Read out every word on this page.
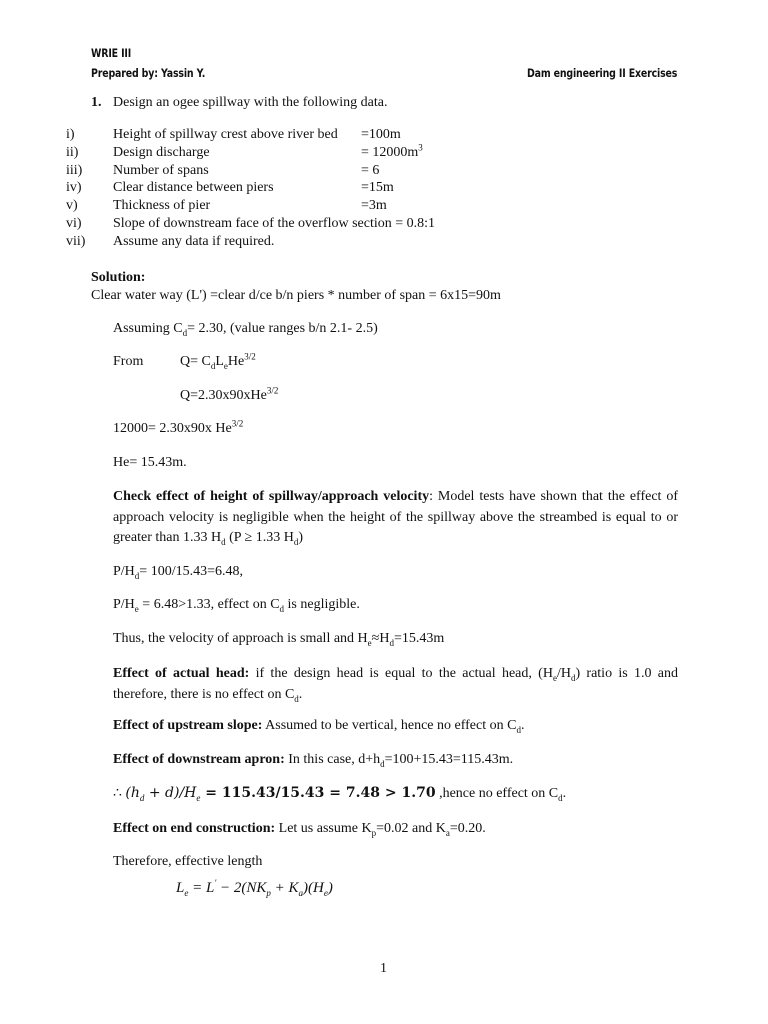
WRIE III
Prepared by: Yassin Y.	Dam engineering II Exercises
1. Design an ogee spillway with the following data.
i)	Height of spillway crest above river bed =100m
ii) Design discharge	= $12000m^3$
iii) Number of spans	= 6
iv) Clear distance between piers	=15m
v)	Thickness of pier	=3m
vi) Slope of downstream face of the overflow section = 0.8:1
vii) Assume any data if required.
Solution:
Clear water way (L') =clear d/ce b/n piers * number of span = 6x15=90m
Assuming $C_d= 2.30$, (value ranges b/n 2.1- 2.5)
From	$Q= C_dL_eHe^{3/2}$
Q=2.30x90xHe$^{3/2}$
12000= 2.30x90x $He^{3/2}$
He= 15.43m.
Check effect of height of spillway/approach velocity: Model tests have shown that the effect of approach velocity is negligible when the height of the spillway above the streambed is equal to or greater than 1.33 $H_d$ (P ≥ 1.33 $H_d$)
$P/H_d= 100/15.43=6.48$,
$P/H_e = 6.48>1.33$, effect on $C_d$ is negligible.
Thus, the velocity of approach is small and $H_e\approx H_d=15.43m$
Effect of actual head: if the design head is equal to the actual head, $(H_e/H_d)$ ratio is 1.0 and therefore, there is no effect on $C_d$.
Effect of upstream slope: Assumed to be vertical, hence no effect on $C_d$.
Effect of downstream apron: In this case, $d+h_d=100+15.43=115.43m$.
∴ $(h_d + d)/H_e = 115.43/15.43 = 7.48 > 1.70$ ,hence no effect on $C_d$.
Effect on end construction: Let us assume $K_p=0.02$ and $K_a=0.20$.
Therefore, effective length
$L_e = L' - 2(NK_p + K_a)(H_e)$
1
